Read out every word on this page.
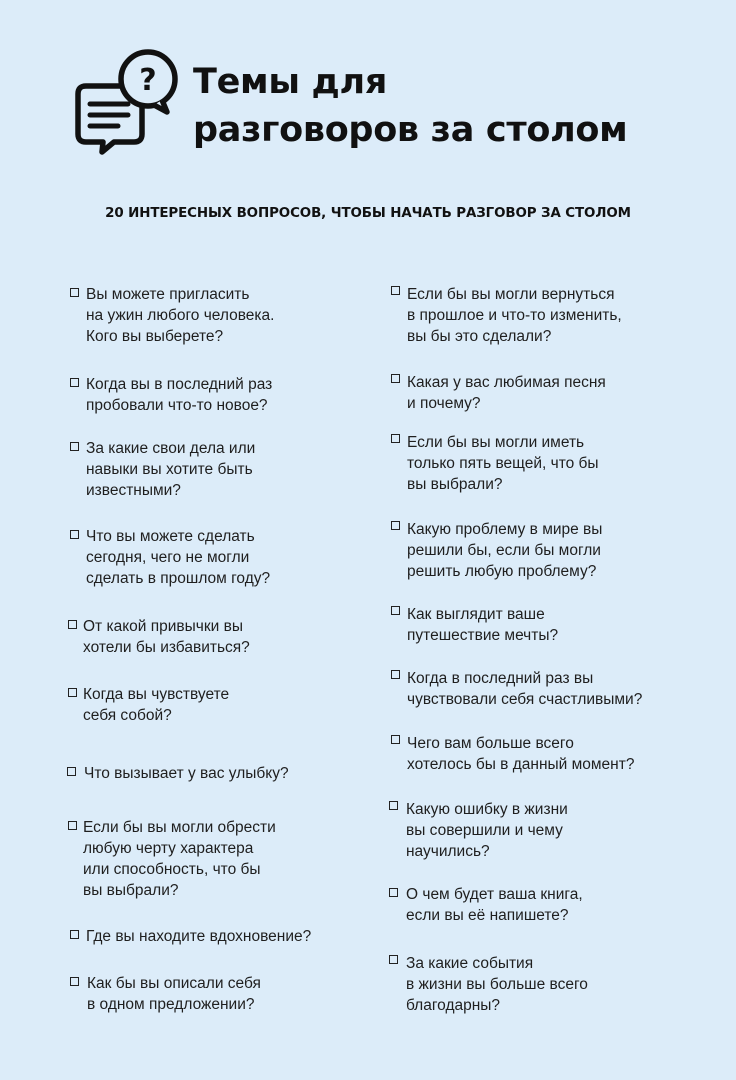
? Темы для
разговоров за столом
20 ИНТЕРЕСНЫХ ВОПРОСОВ, ЧТОБЫ НАЧАТЬ РАЗГОВОР ЗА СТОЛОМ
Вы можете пригласить
на ужин любого человека.
Кого вы выберете?
Когда вы в последний раз
пробовали что-то новое?
За какие свои дела или
навыки вы хотите быть
известными?
Что вы можете сделать
сегодня, чего не могли
сделать в прошлом году?
От какой привычки вы
хотели бы избавиться?
Когда вы чувствуете
себя собой?
Что вызывает у вас улыбку?
Если бы вы могли обрести
любую черту характера
или способность, что бы
вы выбрали?
Где вы находите вдохновение?
Как бы вы описали себя
в одном предложении?
Если бы вы могли вернуться
в прошлое и что-то изменить,
вы бы это сделали?
Какая у вас любимая песня
и почему?
Если бы вы могли иметь
только пять вещей, что бы
вы выбрали?
Какую проблему в мире вы
решили бы, если бы могли
решить любую проблему?
Как выглядит ваше
путешествие мечты?
Когда в последний раз вы
чувствовали себя счастливыми?
Чего вам больше всего
хотелось бы в данный момент?
Какую ошибку в жизни
вы совершили и чему
научились?
О чем будет ваша книга,
если вы её напишете?
За какие события
в жизни вы больше всего
благодарны?
